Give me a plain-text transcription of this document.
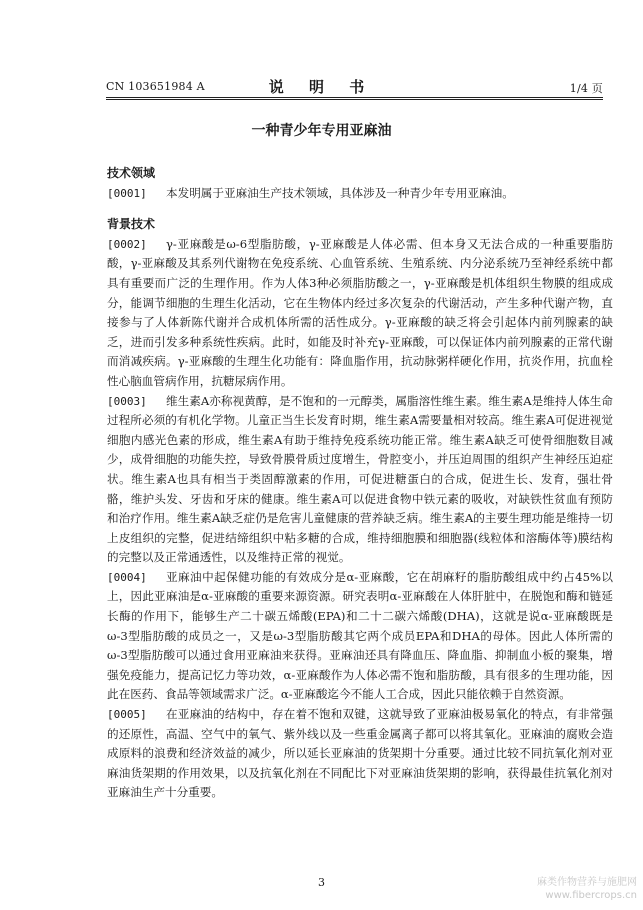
CN 103651984 A	说 明 书	1/4 页
一种青少年专用亚麻油
技术领域
[0001]	本发明属于亚麻油生产技术领域，具体涉及一种青少年专用亚麻油。
背景技术
[0002]	γ-亚麻酸是ω-6型脂肪酸，γ-亚麻酸是人体必需、但本身又无法合成的一种重要脂肪酸，γ-亚麻酸及其系列代谢物在免疫系统、心血管系统、生殖系统、内分泌系统乃至神经系统中都具有重要而广泛的生理作用。作为人体3种必须脂肪酸之一，γ-亚麻酸是机体组织生物膜的组成成分，能调节细胞的生理生化活动，它在生物体内经过多次复杂的代谢活动，产生多种代谢产物，直接参与了人体新陈代谢并合成机体所需的活性成分。γ-亚麻酸的缺乏将会引起体内前列腺素的缺乏，进而引发多种系统性疾病。此时，如能及时补充γ-亚麻酸，可以保证体内前列腺素的正常代谢而消减疾病。γ-亚麻酸的生理生化功能有：降血脂作用，抗动脉粥样硬化作用，抗炎作用，抗血栓性心脑血管病作用，抗糖尿病作用。
[0003]	维生素A亦称视黄醇，是不饱和的一元醇类，属脂溶性维生素。维生素A是维持人体生命过程所必须的有机化学物。儿童正当生长发育时期，维生素A需要量相对较高。维生素A可促进视觉细胞内感光色素的形成，维生素A有助于维持免疫系统功能正常。维生素A缺乏可使骨细胞数目减少，成骨细胞的功能失控，导致骨膜骨质过度增生，骨腔变小，并压迫周围的组织产生神经压迫症状。维生素A也具有相当于类固醇激素的作用，可促进糖蛋白的合成，促进生长、发育，强壮骨骼，维护头发、牙齿和牙床的健康。维生素A可以促进食物中铁元素的吸收，对缺铁性贫血有预防和治疗作用。维生素A缺乏症仍是危害儿童健康的营养缺乏病。维生素A的主要生理功能是维持一切上皮组织的完整，促进结缔组织中粘多糖的合成，维持细胞膜和细胞器(线粒体和溶酶体等)膜结构的完整以及正常通透性，以及维持正常的视觉。
[0004]	亚麻油中起保健功能的有效成分是α-亚麻酸，它在胡麻籽的脂肪酸组成中约占45%以上，因此亚麻油是α-亚麻酸的重要来源资源。研究表明α-亚麻酸在人体肝脏中，在脱饱和酶和链延长酶的作用下，能够生产二十碳五烯酸(EPA)和二十二碳六烯酸(DHA)，这就是说α-亚麻酸既是ω-3型脂肪酸的成员之一，又是ω-3型脂肪酸其它两个成员EPA和DHA的母体。因此人体所需的ω-3型脂肪酸可以通过食用亚麻油来获得。亚麻油还具有降血压、降血脂、抑制血小板的聚集，增强免疫能力，提高记忆力等功效，α-亚麻酸作为人体必需不饱和脂肪酸，具有很多的生理功能，因此在医药、食品等领域需求广泛。α-亚麻酸迄今不能人工合成，因此只能依赖于自然资源。
[0005]	在亚麻油的结构中，存在着不饱和双键，这就导致了亚麻油极易氧化的特点，有非常强的还原性，高温、空气中的氧气、紫外线以及一些重金属离子都可以将其氧化。亚麻油的腐败会造成原料的浪费和经济效益的减少，所以延长亚麻油的货架期十分重要。通过比较不同抗氧化剂对亚麻油货架期的作用效果，以及抗氧化剂在不同配比下对亚麻油货架期的影响，获得最佳抗氧化剂对亚麻油生产十分重要。
3	麻类作物营养与施肥网
www.fibercrops.cn
